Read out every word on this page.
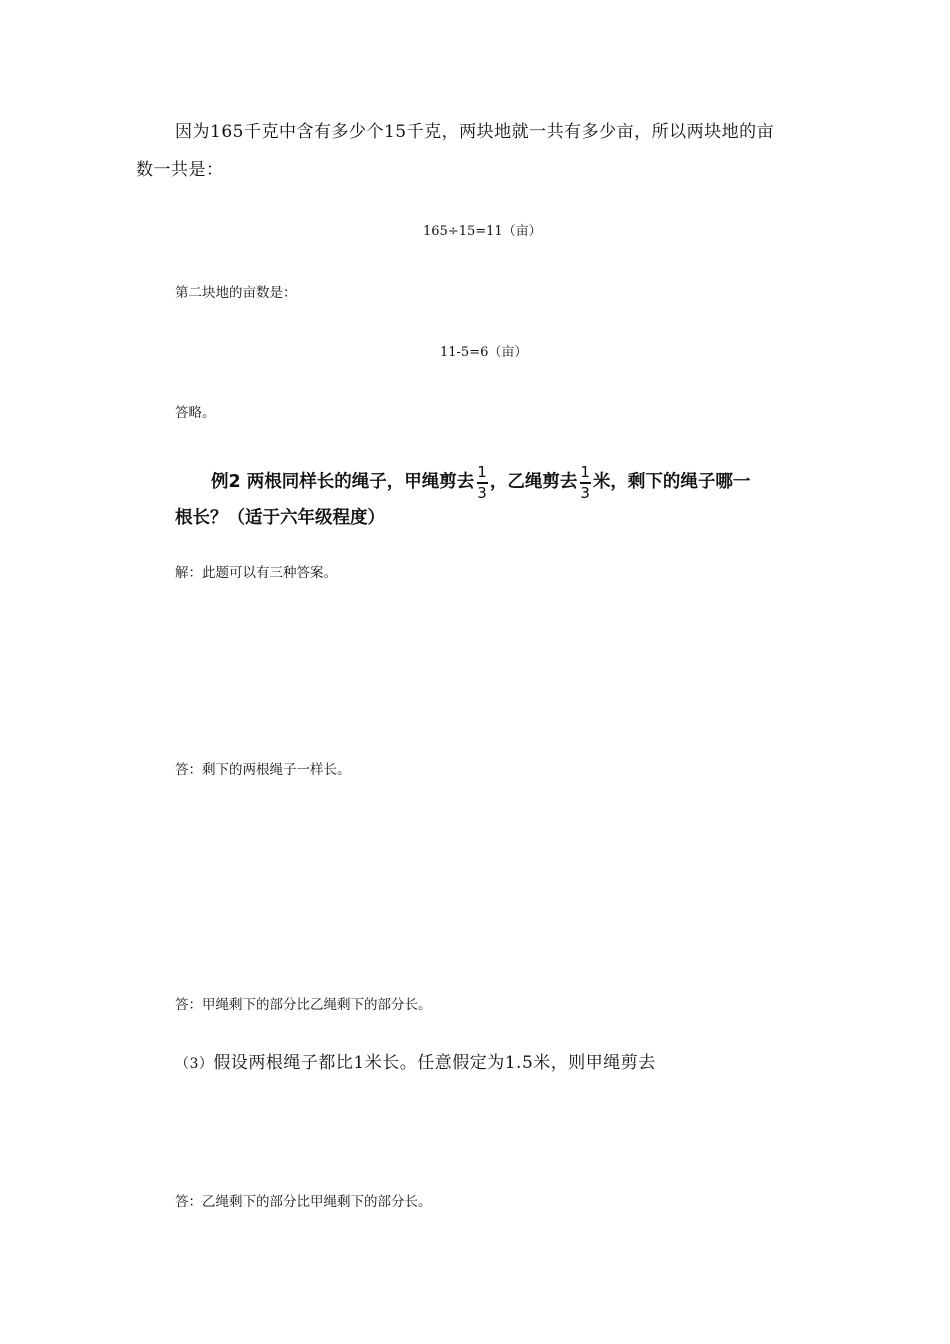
因为165千克中含有多少个15千克，两块地就一共有多少亩，所以两块地的亩
数一共是：
165÷15=11（亩）
第二块地的亩数是：
11-5=6（亩）
答略。
例2 两根同样长的绳子，甲绳剪去 $\frac{1}{3}$ ，乙绳剪去 $\frac{1}{3}$ 米，剩下的绳子哪一
根长？（适于六年级程度）
解：此题可以有三种答案。
答：剩下的两根绳子一样长。
答：甲绳剩下的部分比乙绳剩下的部分长。
（3）假设两根绳子都比1米长。任意假定为1.5米，则甲绳剪去
答：乙绳剩下的部分比甲绳剩下的部分长。
